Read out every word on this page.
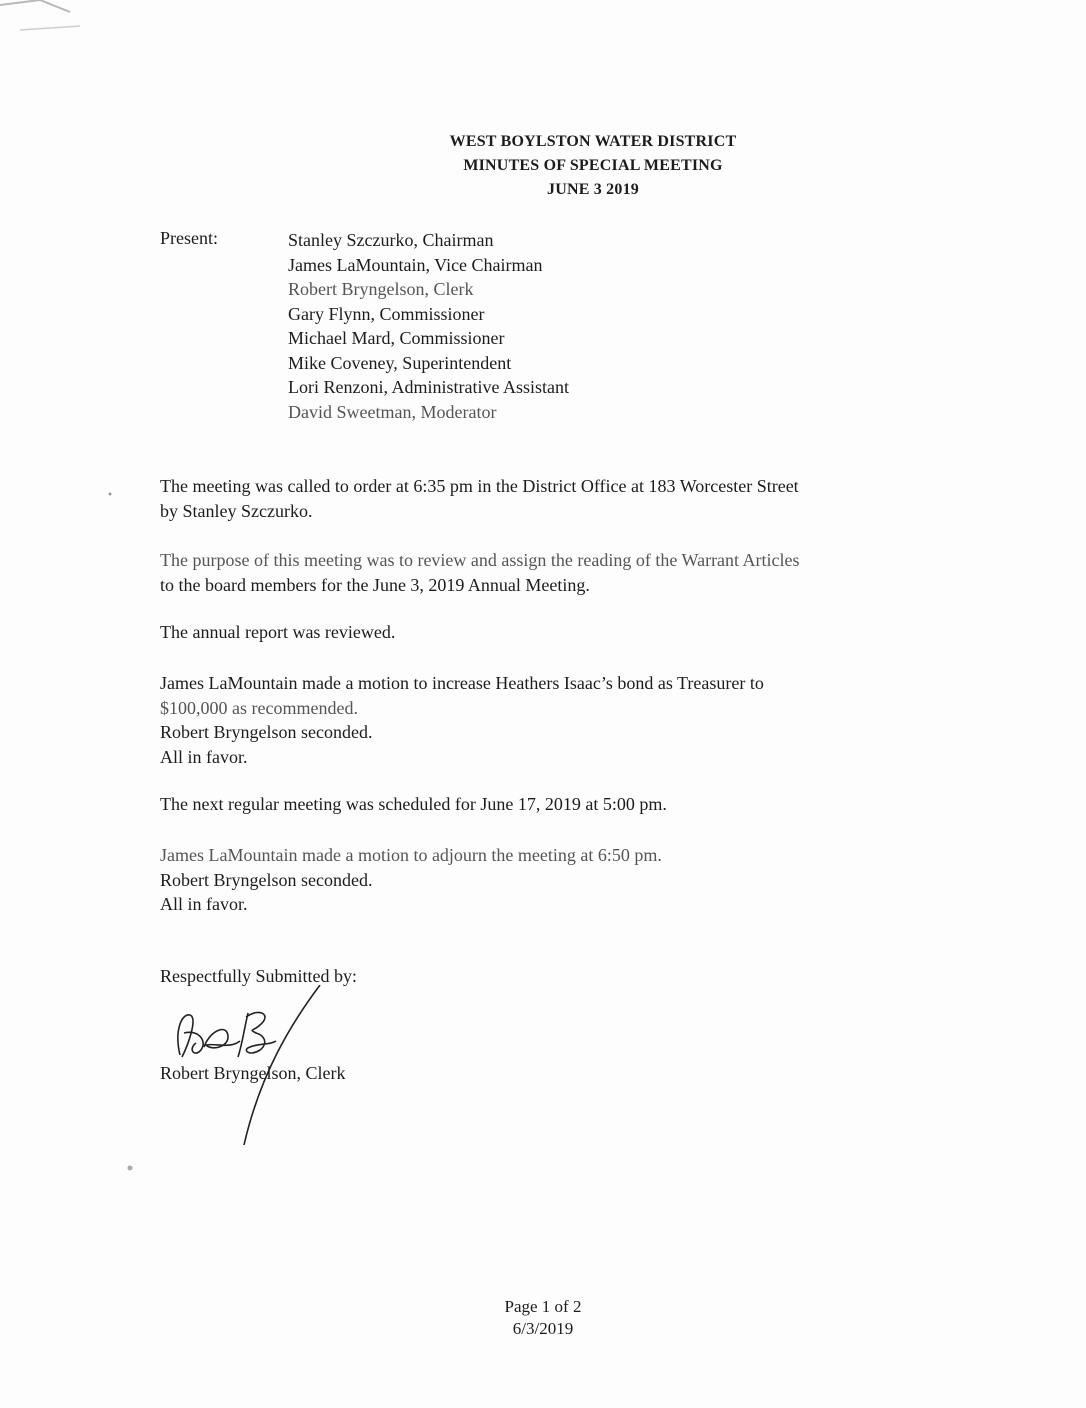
WEST BOYLSTON WATER DISTRICT
MINUTES OF SPECIAL MEETING
JUNE 3 2019
Present:	Stanley Szczurko, Chairman
James LaMountain, Vice Chairman
Robert Bryngelson, Clerk
Gary Flynn, Commissioner
Michael Mard, Commissioner
Mike Coveney, Superintendent
Lori Renzoni, Administrative Assistant
David Sweetman, Moderator
The meeting was called to order at 6:35 pm in the District Office at 183 Worcester Street
by Stanley Szczurko.
The purpose of this meeting was to review and assign the reading of the Warrant Articles
to the board members for the June 3, 2019 Annual Meeting.
The annual report was reviewed.
James LaMountain made a motion to increase Heathers Isaac’s bond as Treasurer to
$100,000 as recommended.
Robert Bryngelson seconded.
All in favor.
The next regular meeting was scheduled for June 17, 2019 at 5:00 pm.
James LaMountain made a motion to adjourn the meeting at 6:50 pm.
Robert Bryngelson seconded.
All in favor.
Respectfully Submitted by:
Robert Bryngelson, Clerk
Page 1 of 2
6/3/2019
